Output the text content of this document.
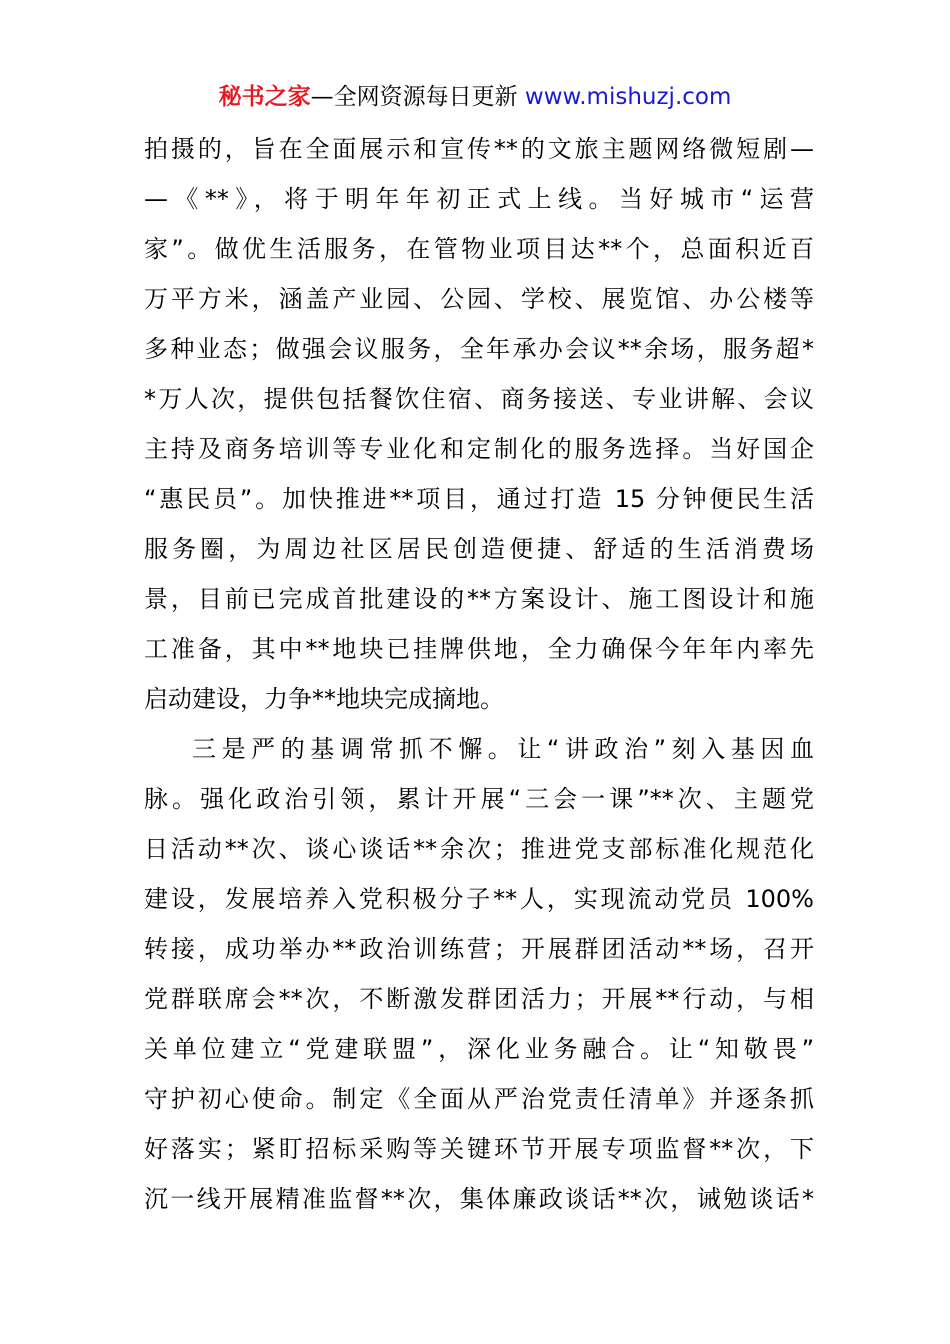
秘书之家—全网资源每日更新 www.mishuzj.com
拍摄的，旨在全面展示和宣传**的文旅主题网络微短剧—
—《**》，将于明年年初正式上线。当好城市“运营
家”。做优生活服务，在管物业项目达**个，总面积近百
万平方米，涵盖产业园、公园、学校、展览馆、办公楼等
多种业态；做强会议服务，全年承办会议**余场，服务超*
*万人次，提供包括餐饮住宿、商务接送、专业讲解、会议
主持及商务培训等专业化和定制化的服务选择。当好国企
“惠民员”。加快推进**项目，通过打造 15 分钟便民生活
服务圈，为周边社区居民创造便捷、舒适的生活消费场
景，目前已完成首批建设的**方案设计、施工图设计和施
工准备，其中**地块已挂牌供地，全力确保今年年内率先
启动建设，力争**地块完成摘地。
三是严的基调常抓不懈。让“讲政治”刻入基因血
脉。强化政治引领，累计开展“三会一课”**次、主题党
日活动**次、谈心谈话**余次；推进党支部标准化规范化
建设，发展培养入党积极分子**人，实现流动党员 100%
转接，成功举办**政治训练营；开展群团活动**场，召开
党群联席会**次，不断激发群团活力；开展**行动，与相
关单位建立“党建联盟”，深化业务融合。让“知敬畏”
守护初心使命。制定《全面从严治党责任清单》并逐条抓
好落实；紧盯招标采购等关键环节开展专项监督**次，下
沉一线开展精准监督**次，集体廉政谈话**次，诫勉谈话*
